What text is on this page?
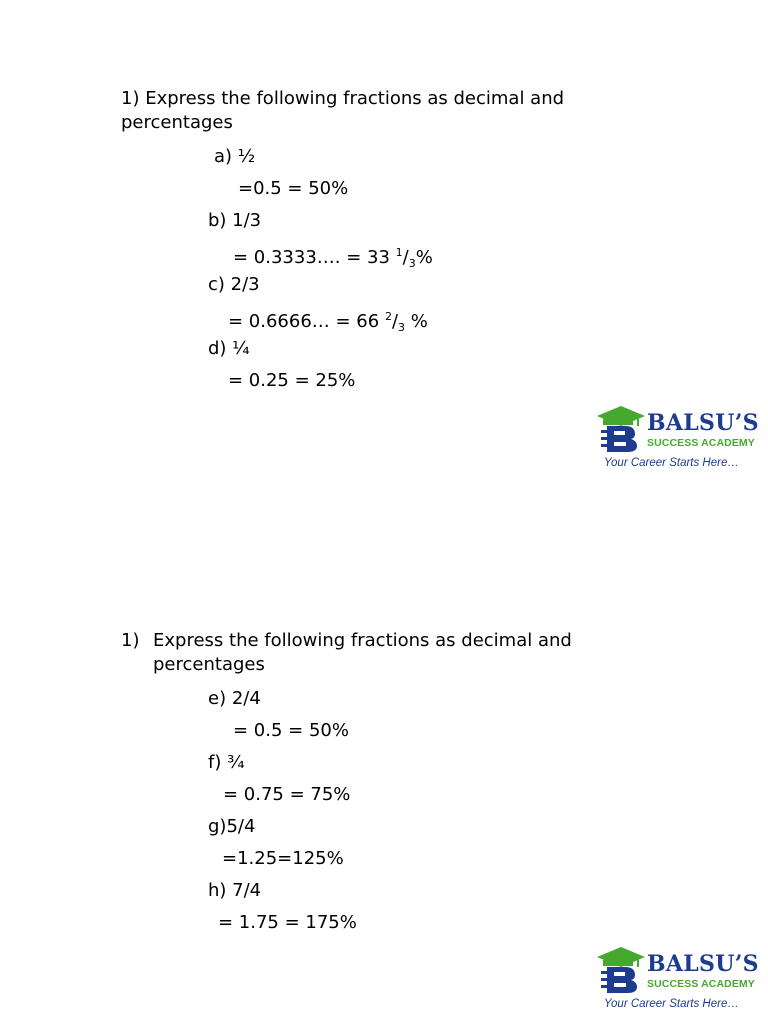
1) Express the following fractions as decimal and
percentages
a) ½
=0.5 = 50%
b) 1/3
= 0.3333…. = 33 $^1/_3\%$
c) 2/3
= 0.6666… = 66 $^2/_3$ %
d) ¼
= 0.25 = 25%
BALSU’S
SUCCESS ACADEMY
Your Career Starts Here…
1) Express the following fractions as decimal and
percentages
e) 2/4
= 0.5 = 50%
f) ¾
= 0.75 = 75%
g)5/4
=1.25=125%
h) 7/4
= 1.75 = 175%
BALSU’S
SUCCESS ACADEMY
Your Career Starts Here…
